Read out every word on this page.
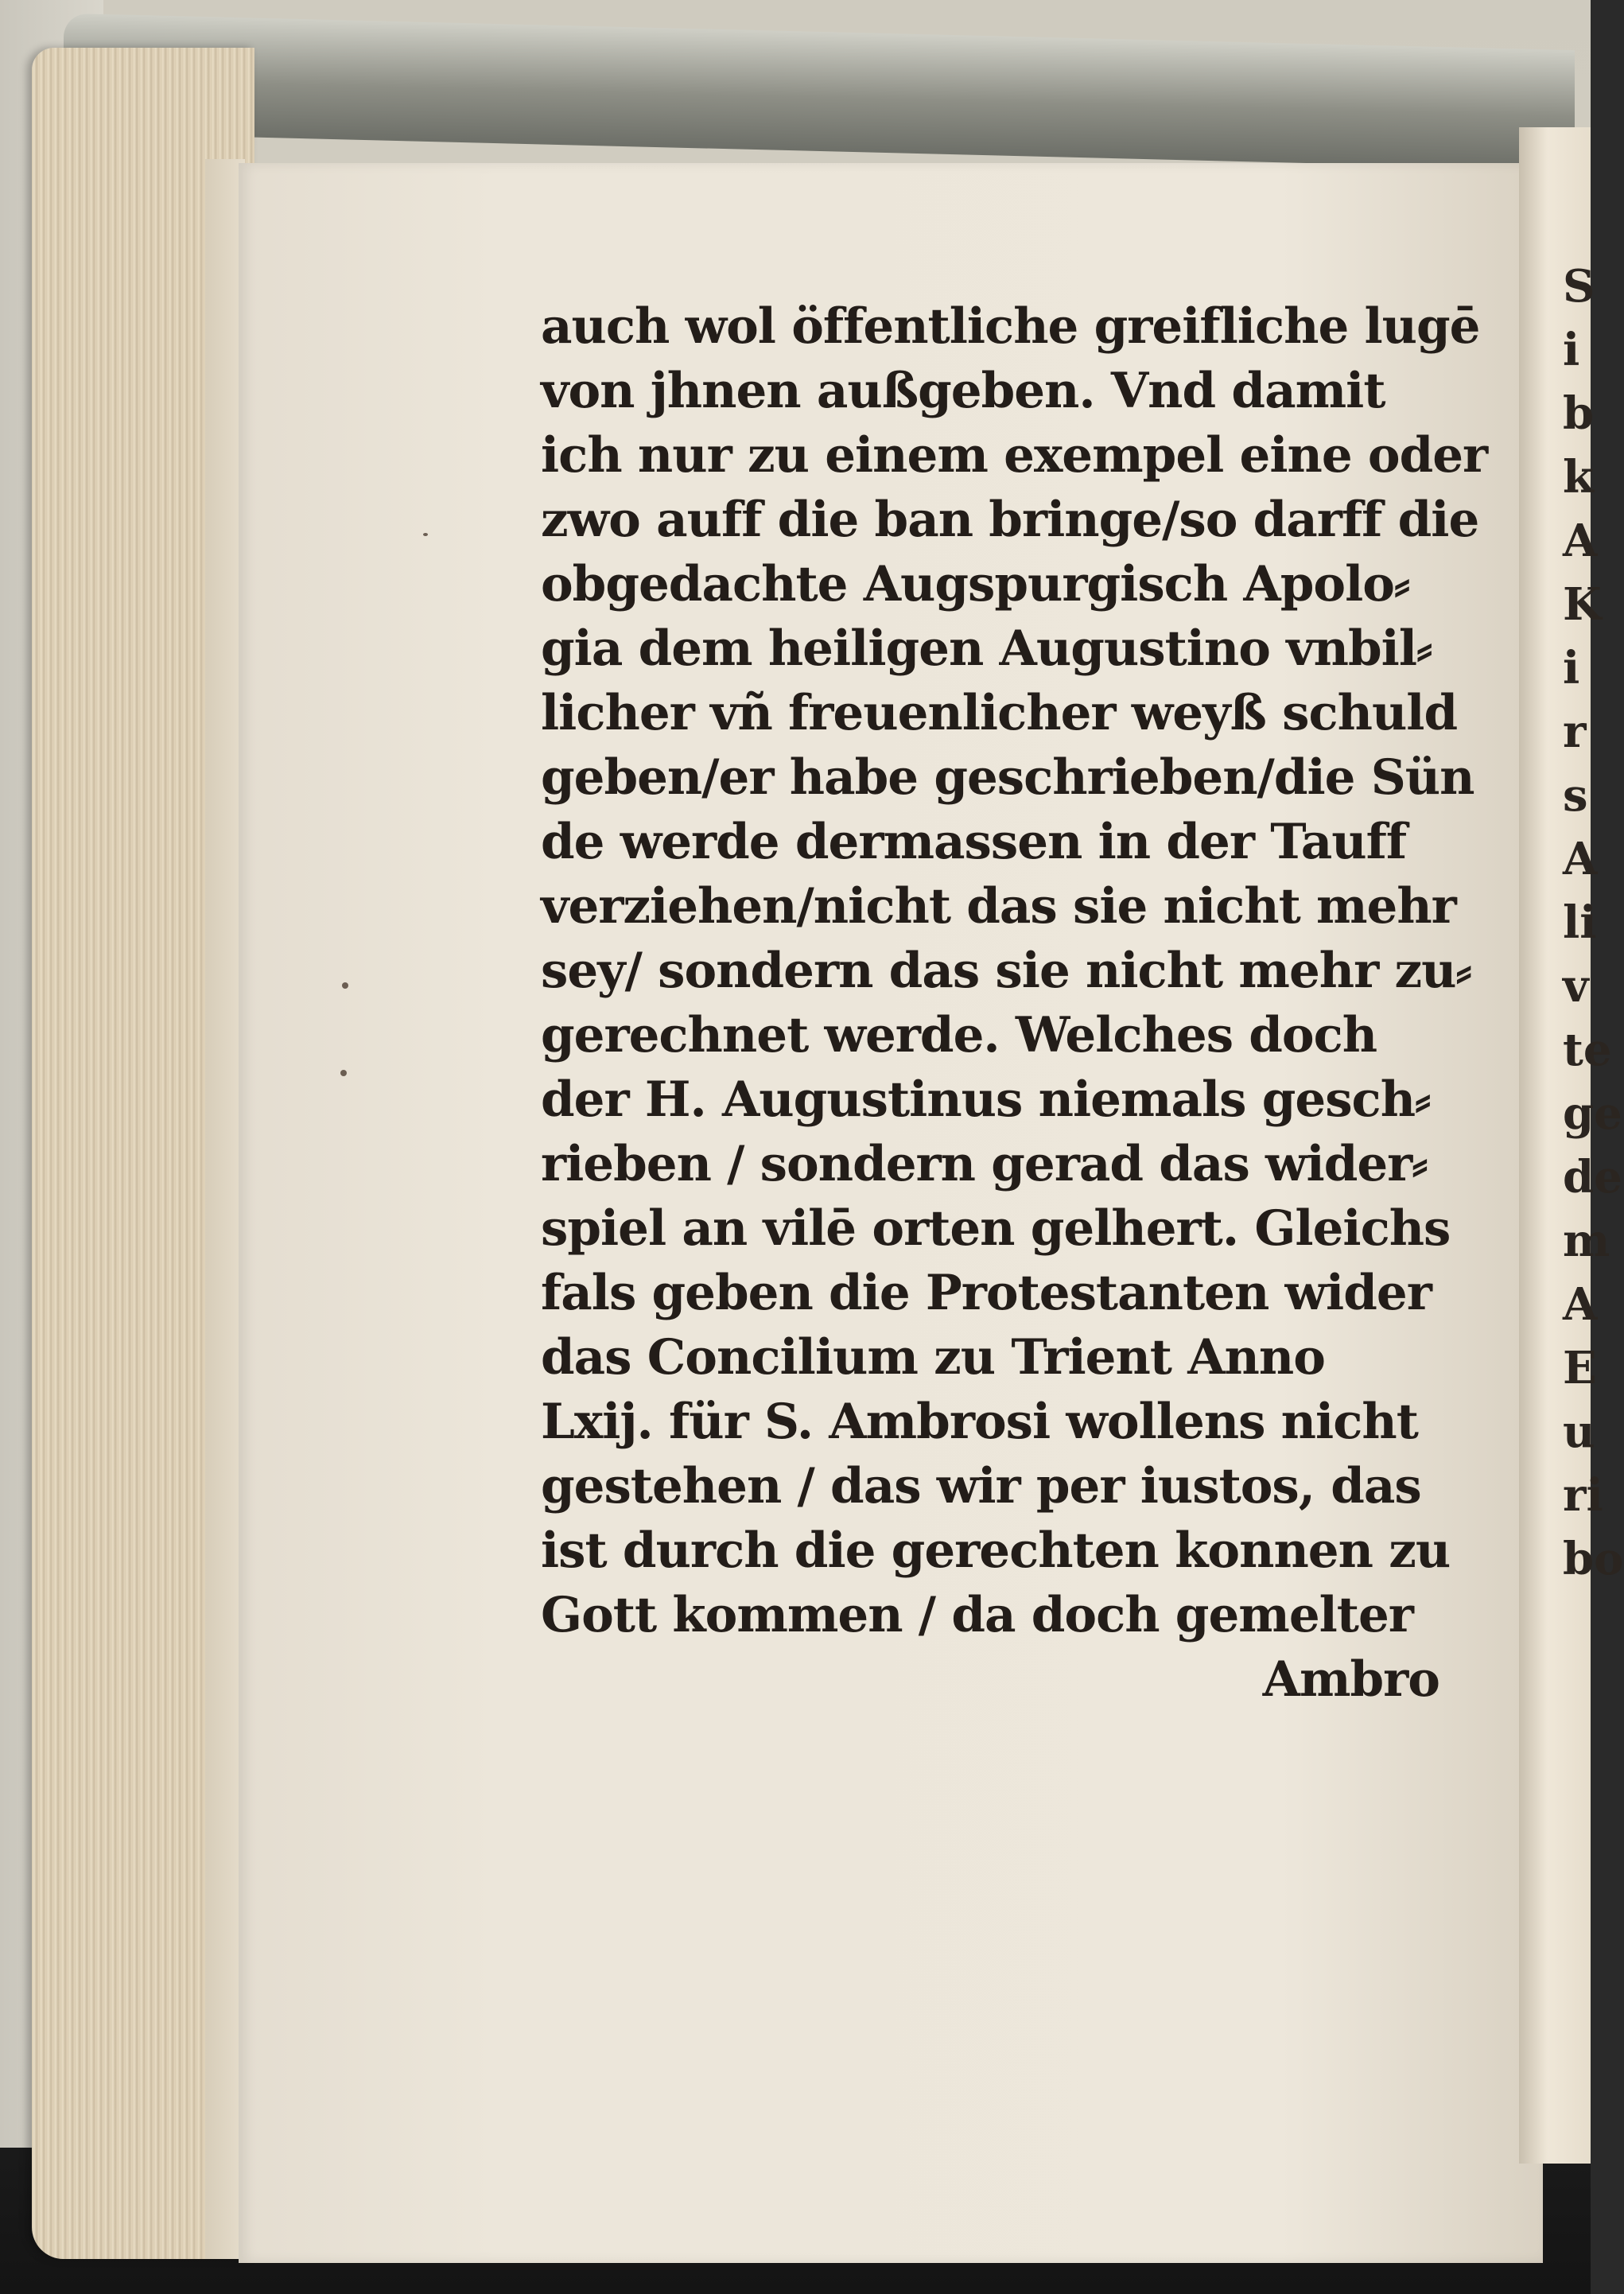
auch wol öffentliche greifliche lugē
von jhnen außgeben. Vnd damit
ich nur zu einem exempel eine oder
zwo auff die ban bringe/so darff die
obgedachte Augspurgisch Apolo⸗
gia dem heiligen Augustino vnbil⸗
licher vñ freuenlicher weyß schuld
geben/er habe geschrieben/die Sün
de werde dermassen in der Tauff
verziehen/nicht das sie nicht mehr
sey/ sondern das sie nicht mehr zu⸗
gerechnet werde. Welches doch
der H. Augustinus niemals gesch⸗
rieben / sondern gerad das wider⸗
spiel an vilē orten gelhert. Gleichs
fals geben die Protestanten wider
das Concilium zu Trient Anno
Lxij. für S. Ambrosi wollens nicht
gestehen / das wir per iustos, das
ist durch die gerechten konnen zu
Gott kommen / da doch gemelter
Ambro
S
i
b
k
A
K
i
r
s
A
li
v
te
ge
de
m
A
E
u
ri
bo
